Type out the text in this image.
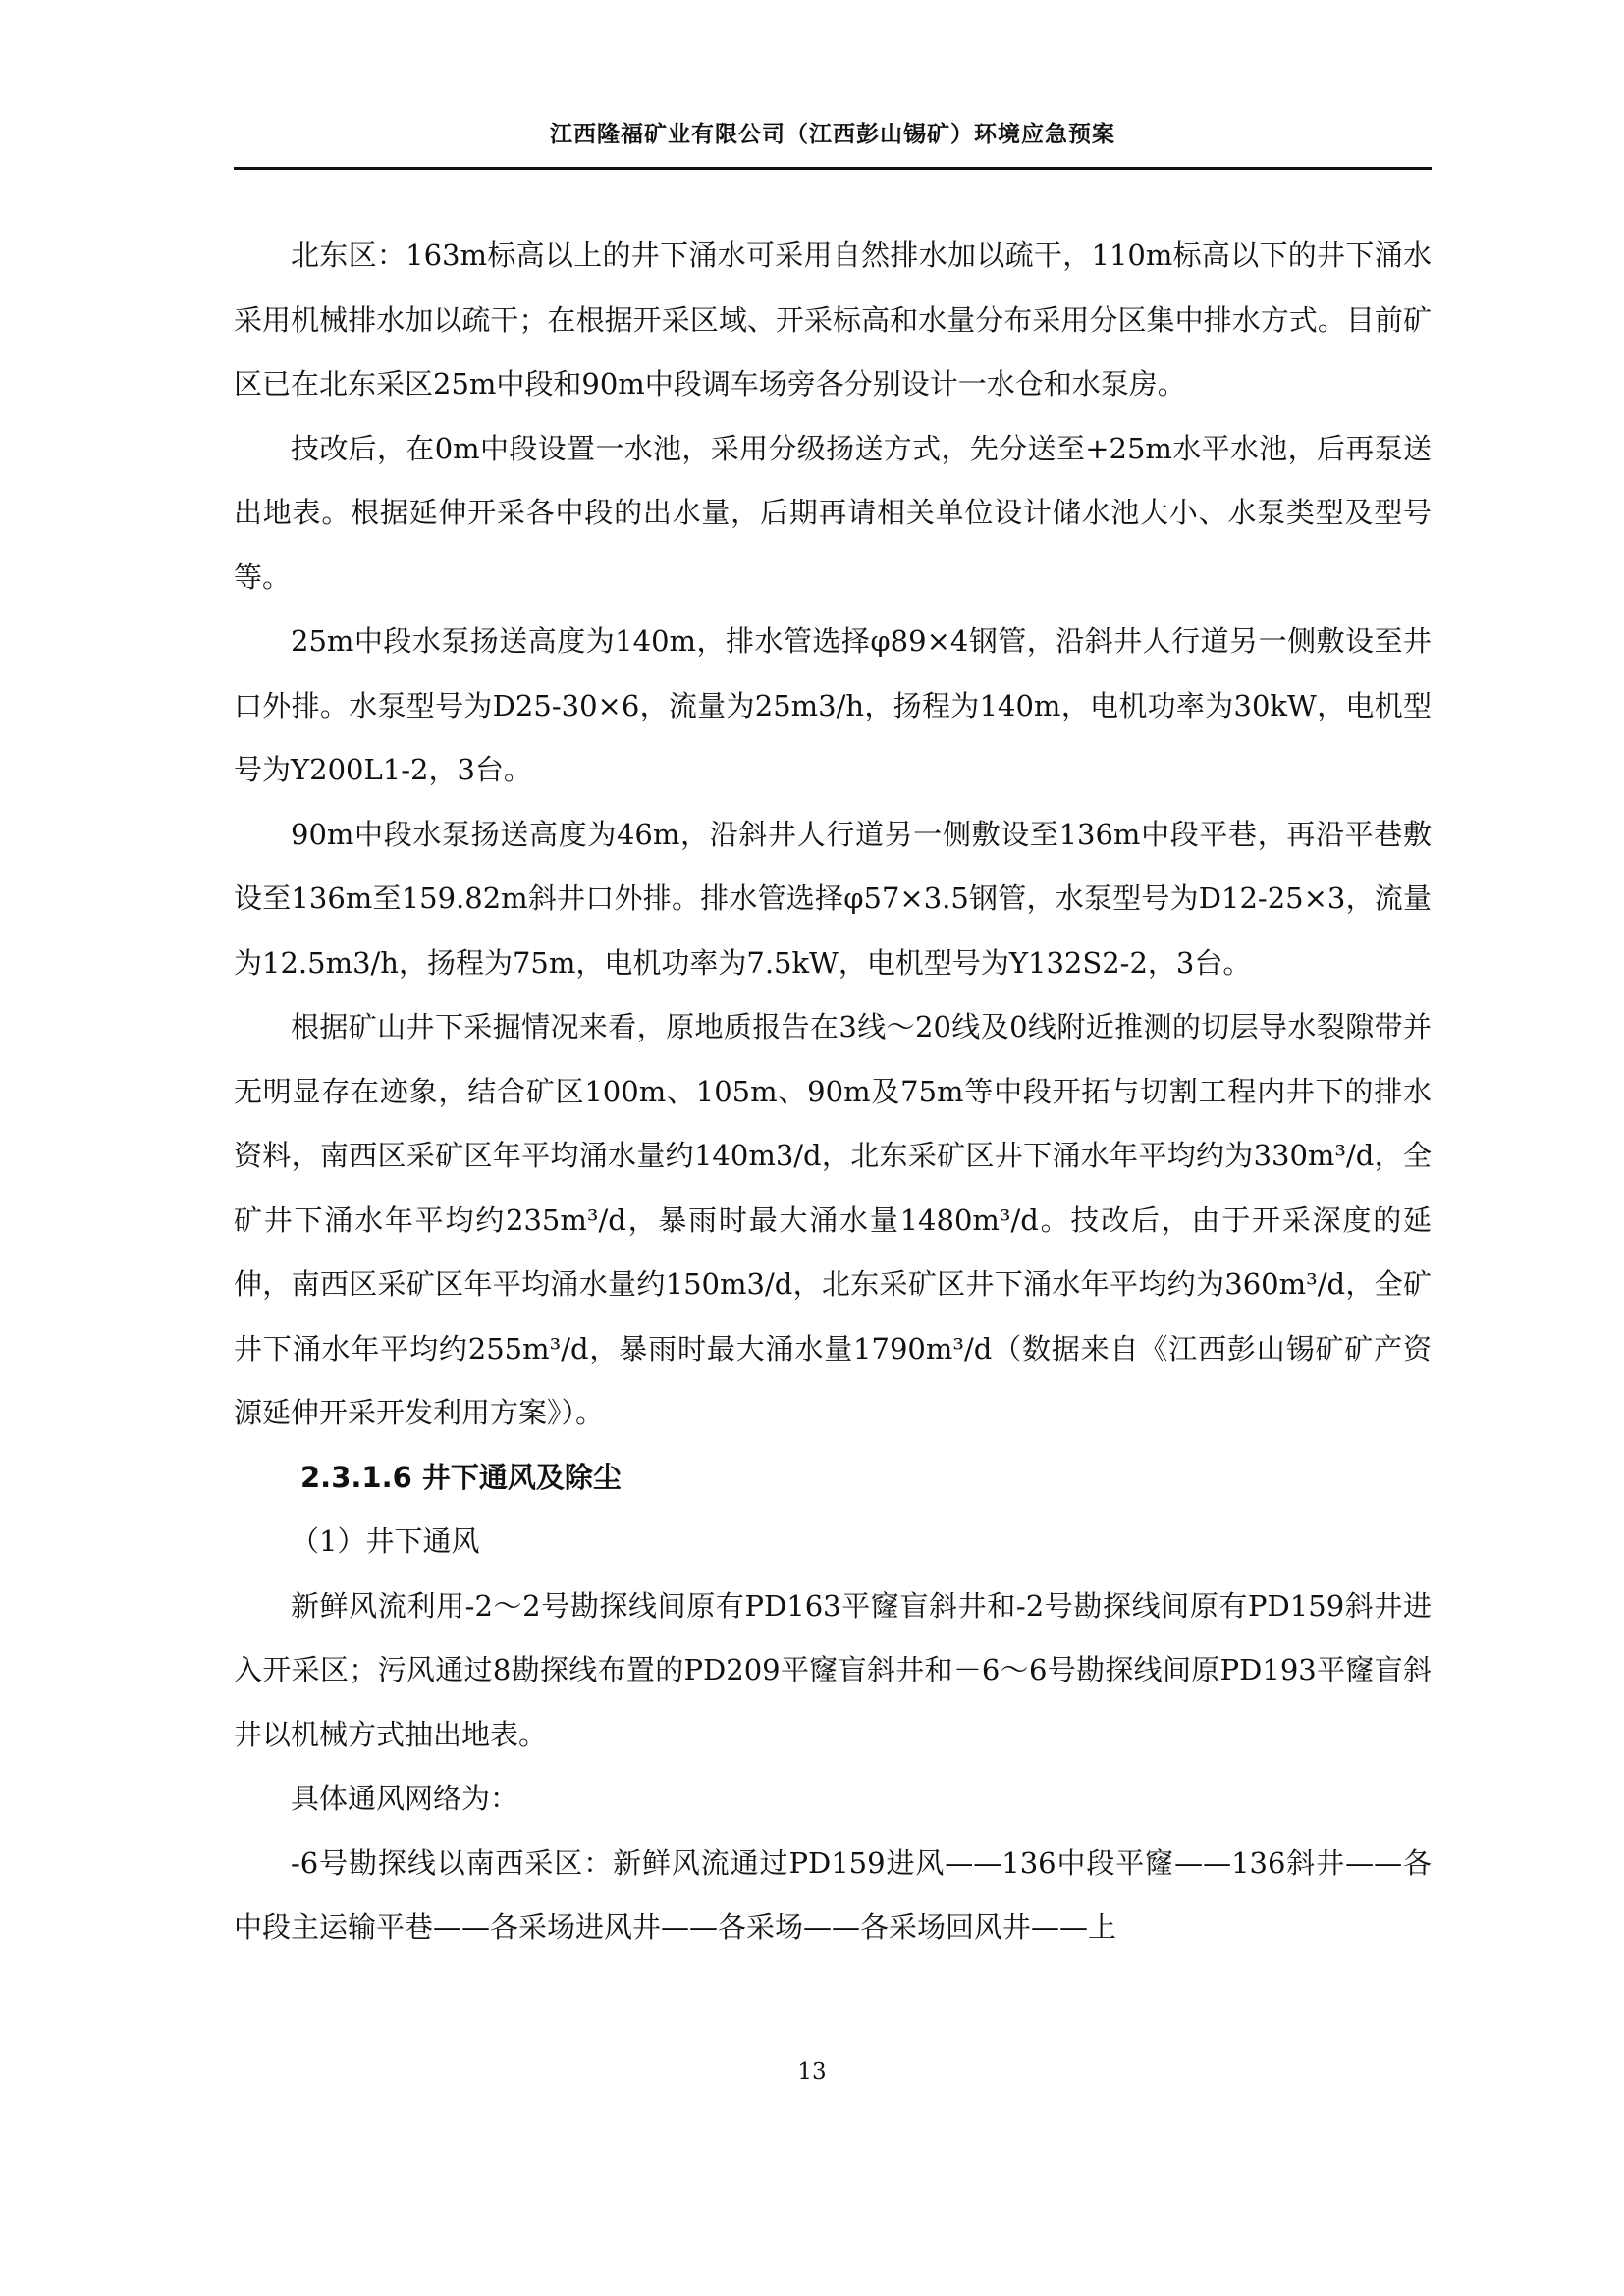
江西隆福矿业有限公司（江西彭山锡矿）环境应急预案

北东区：163m标高以上的井下涌水可采用自然排水加以疏干，110m标高以下的井下涌水采用机械排水加以疏干；在根据开采区域、开采标高和水量分布采用分区集中排水方式。目前矿区已在北东采区25m中段和90m中段调车场旁各分别设计一水仓和水泵房。

技改后，在0m中段设置一水池，采用分级扬送方式，先分送至+25m水平水池，后再泵送出地表。根据延伸开采各中段的出水量，后期再请相关单位设计储水池大小、水泵类型及型号等。

25m中段水泵扬送高度为140m，排水管选择φ89×4钢管，沿斜井人行道另一侧敷设至井口外排。水泵型号为D25-30×6，流量为25m3/h，扬程为140m，电机功率为30kW，电机型号为Y200L1-2，3台。

90m中段水泵扬送高度为46m，沿斜井人行道另一侧敷设至136m中段平巷，再沿平巷敷设至136m至159.82m斜井口外排。排水管选择φ57×3.5钢管，水泵型号为D12-25×3，流量为12.5m3/h，扬程为75m，电机功率为7.5kW，电机型号为Y132S2-2，3台。

根据矿山井下采掘情况来看，原地质报告在3线～20线及0线附近推测的切层导水裂隙带并无明显存在迹象，结合矿区100m、105m、90m及75m等中段开拓与切割工程内井下的排水资料，南西区采矿区年平均涌水量约140m3/d，北东采矿区井下涌水年平均约为330m³/d，全矿井下涌水年平均约235m³/d，暴雨时最大涌水量1480m³/d。技改后，由于开采深度的延伸，南西区采矿区年平均涌水量约150m3/d，北东采矿区井下涌水年平均约为360m³/d，全矿井下涌水年平均约255m³/d，暴雨时最大涌水量1790m³/d（数据来自《江西彭山锡矿矿产资源延伸开采开发利用方案》）。

2.3.1.6 井下通风及除尘

（1）井下通风

新鲜风流利用-2～2号勘探线间原有PD163平窿盲斜井和-2号勘探线间原有PD159斜井进入开采区；污风通过8勘探线布置的PD209平窿盲斜井和－6～6号勘探线间原PD193平窿盲斜井以机械方式抽出地表。

具体通风网络为：

-6号勘探线以南西采区：新鲜风流通过PD159进风——136中段平窿——136斜井——各中段主运输平巷——各采场进风井——各采场——各采场回风井——上

13
